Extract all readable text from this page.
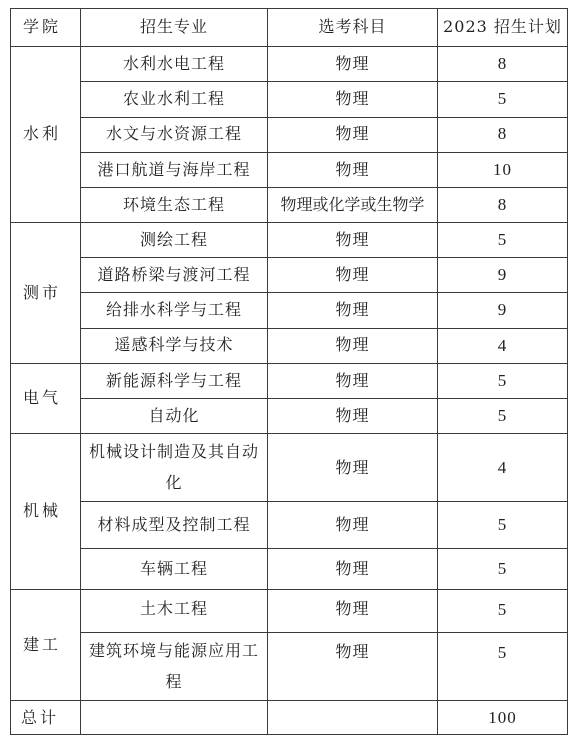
学院	招生专业	选考科目	2023 招生计划
水利	水利水电工程	物理	8
	农业水利工程	物理	5
	水文与水资源工程	物理	8
	港口航道与海岸工程	物理	10
	环境生态工程	物理或化学或生物学	8
测市	测绘工程	物理	5
	道路桥梁与渡河工程	物理	9
	给排水科学与工程	物理	9
	遥感科学与技术	物理	4
电气	新能源科学与工程	物理	5
	自动化	物理	5
机械	机械设计制造及其自动化	物理	4
	材料成型及控制工程	物理	5
	车辆工程	物理	5
建工	土木工程	物理	5
	建筑环境与能源应用工程	物理	5
总计			100
